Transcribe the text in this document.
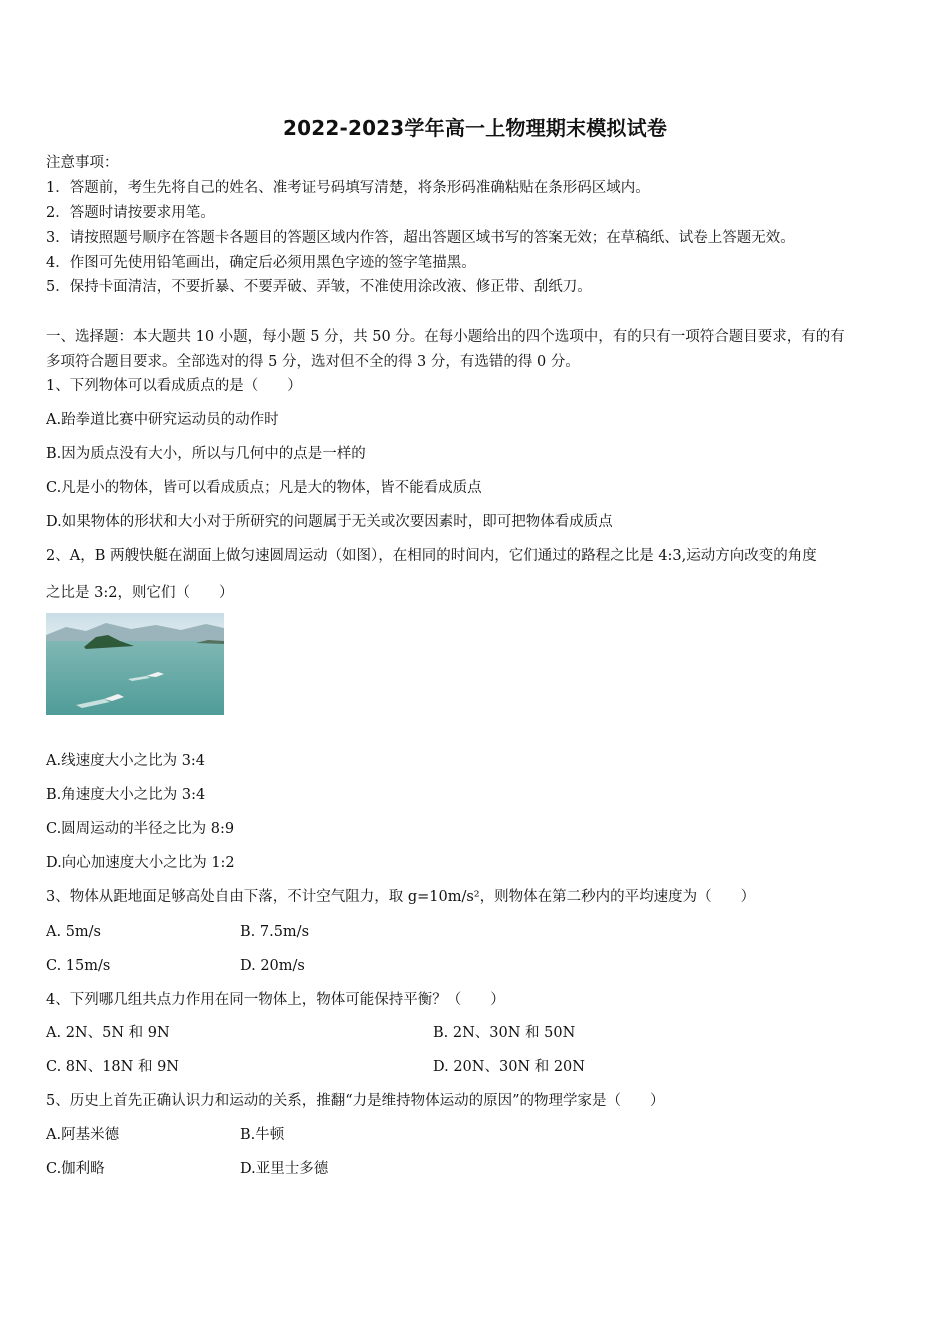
2022-2023学年高一上物理期末模拟试卷
注意事项：
1．答题前，考生先将自己的姓名、准考证号码填写清楚，将条形码准确粘贴在条形码区域内。
2．答题时请按要求用笔。
3．请按照题号顺序在答题卡各题目的答题区域内作答，超出答题区域书写的答案无效；在草稿纸、试卷上答题无效。
4．作图可先使用铅笔画出，确定后必须用黑色字迹的签字笔描黑。
5．保持卡面清洁，不要折暴、不要弄破、弄皱，不准使用涂改液、修正带、刮纸刀。
一、选择题：本大题共 10 小题，每小题 5 分，共 50 分。在每小题给出的四个选项中，有的只有一项符合题目要求，有的有
多项符合题目要求。全部选对的得 5 分，选对但不全的得 3 分，有选错的得 0 分。
1、下列物体可以看成质点的是（　　）
A.跆拳道比赛中研究运动员的动作时
B.因为质点没有大小，所以与几何中的点是一样的
C.凡是小的物体，皆可以看成质点；凡是大的物体，皆不能看成质点
D.如果物体的形状和大小对于所研究的问题属于无关或次要因素时，即可把物体看成质点
2、A，B 两艘快艇在湖面上做匀速圆周运动（如图），在相同的时间内，它们通过的路程之比是 4:3,运动方向改变的角度
之比是 3:2，则它们（　　）
A.线速度大小之比为 3:4
B.角速度大小之比为 3:4
C.圆周运动的半径之比为 8:9
D.向心加速度大小之比为 1:2
3、物体从距地面足够高处自由下落，不计空气阻力，取 g=10m/s²，则物体在第二秒内的平均速度为（　　）
A. 5m/s	B. 7.5m/s
C. 15m/s	D. 20m/s
4、下列哪几组共点力作用在同一物体上，物体可能保持平衡？（　　）
A. 2N、5N 和 9N	B. 2N、30N 和 50N
C. 8N、18N 和 9N	D. 20N、30N 和 20N
5、历史上首先正确认识力和运动的关系，推翻“力是维持物体运动的原因”的物理学家是（　　）
A.阿基米德	B.牛顿
C.伽利略	D.亚里士多德
